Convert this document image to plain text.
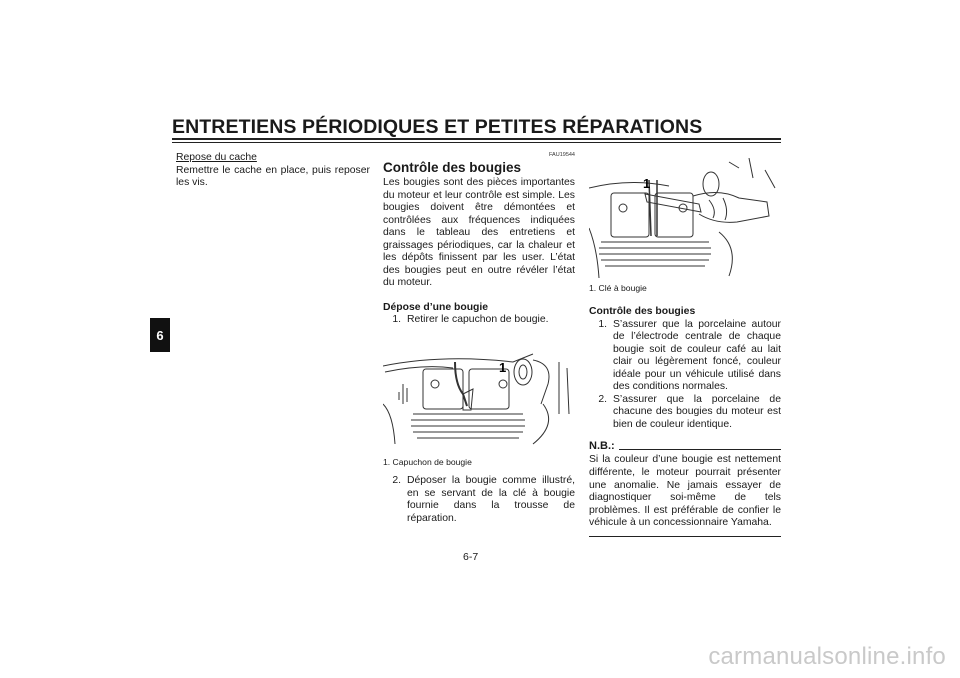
ENTRETIENS PÉRIODIQUES ET PETITES RÉPARATIONS
6
Repose du cache

Remettre le cache en place, puis reposer les vis.

FAU19544
Contrôle des bougies

Les bougies sont des pièces importantes du moteur et leur contrôle est simple. Les bougies doivent être démontées et contrôlées aux fréquences indiquées dans le tableau des entretiens et graissages périodiques, car la chaleur et les dépôts finissent par les user. L’état des bougies peut en outre révéler l’état du moteur.

Dépose d’une bougie
1. Retirer le capuchon de bougie.
1
1. Capuchon de bougie
2. Déposer la bougie comme illustré, en se servant de la clé à bougie fournie dans la trousse de réparation.
1
1. Clé à bougie
Contrôle des bougies
1. S’assurer que la porcelaine autour de l’électrode centrale de chaque bougie soit de couleur café au lait clair ou légèrement foncé, couleur idéale pour un véhicule utilisé dans des conditions normales.
2. S’assurer que la porcelaine de chacune des bougies du moteur est bien de couleur identique.
N.B.:

Si la couleur d’une bougie est nettement différente, le moteur pourrait présenter une anomalie. Ne jamais essayer de diagnostiquer soi-même de tels problèmes. Il est préférable de confier le véhicule à un concessionnaire Yamaha.

6-7
carmanualsonline.info
